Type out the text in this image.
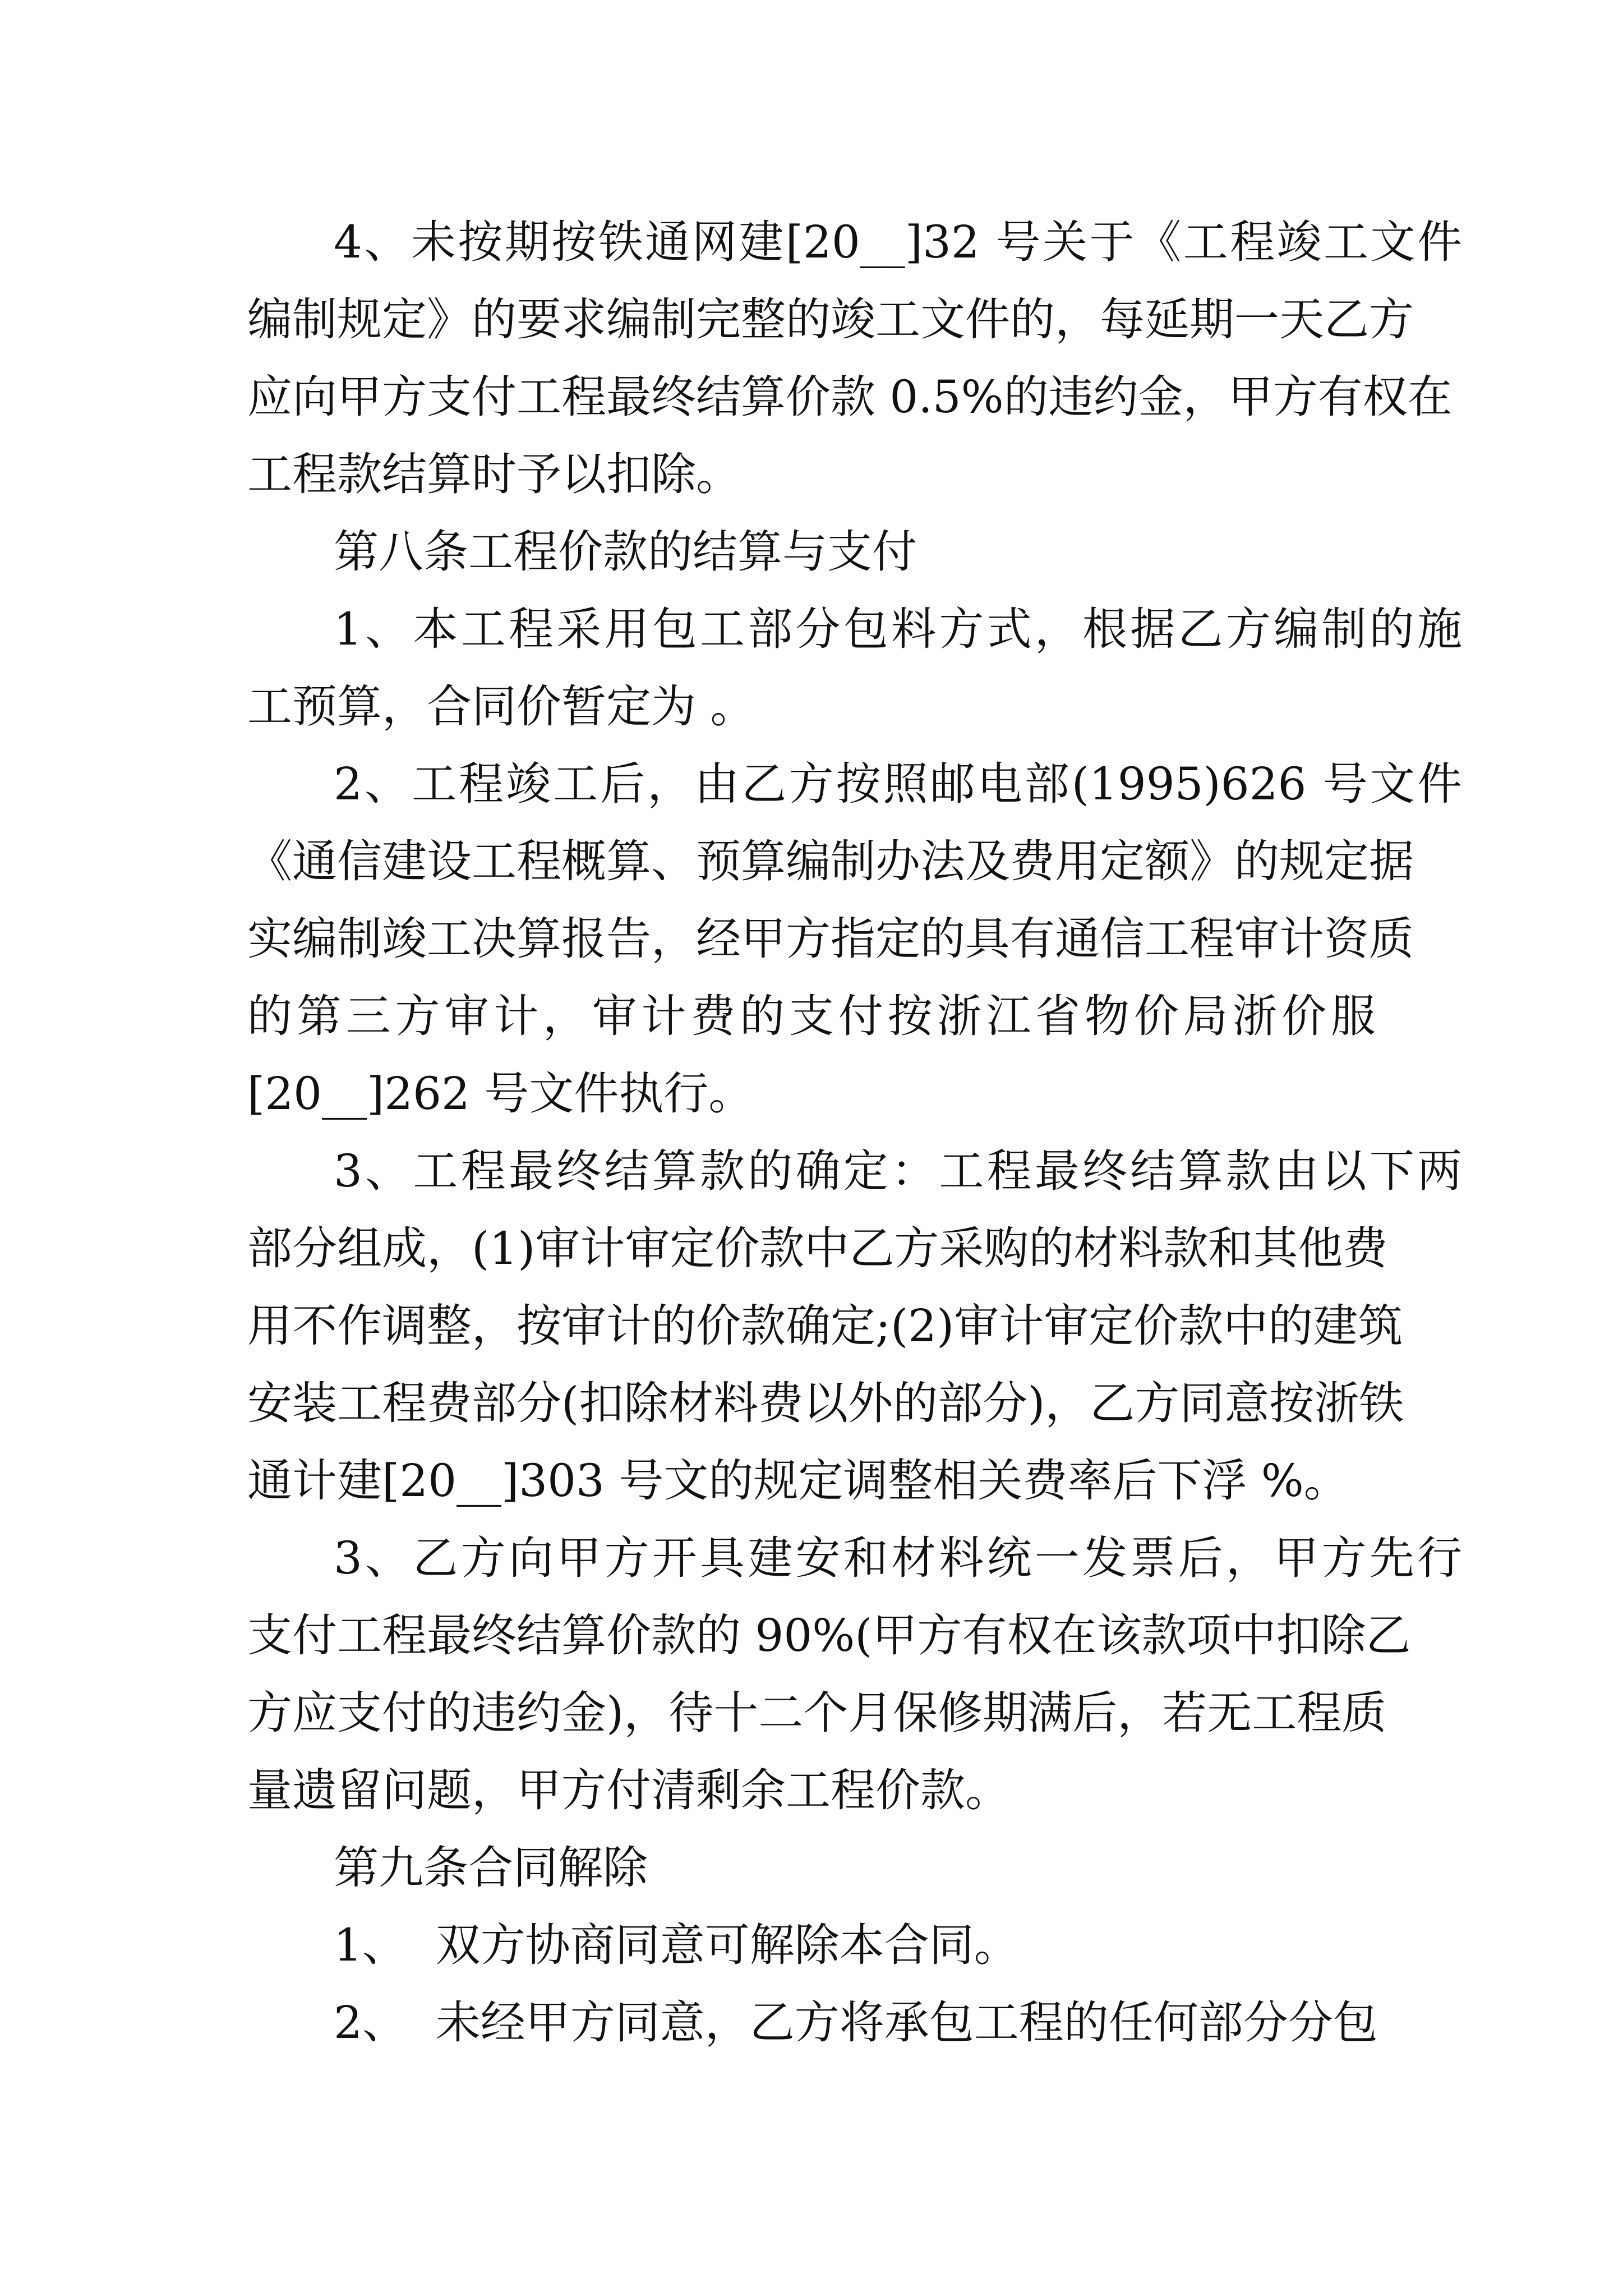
4、未按期按铁通网建[20__]32 号关于《工程竣工文件
编制规定》的要求编制完整的竣工文件的，每延期一天乙方
应向甲方支付工程最终结算价款 0.5%的违约金，甲方有权在
工程款结算时予以扣除。
第八条工程价款的结算与支付
1、本工程采用包工部分包料方式，根据乙方编制的施
工预算，合同价暂定为 。
2、工程竣工后，由乙方按照邮电部(1995)626 号文件
《通信建设工程概算、预算编制办法及费用定额》的规定据
实编制竣工决算报告，经甲方指定的具有通信工程审计资质
的第三方审计，审计费的支付按浙江省物价局浙价服
[20__]262 号文件执行。
3、工程最终结算款的确定：工程最终结算款由以下两
部分组成，(1)审计审定价款中乙方采购的材料款和其他费
用不作调整，按审计的价款确定;(2)审计审定价款中的建筑
安装工程费部分(扣除材料费以外的部分)，乙方同意按浙铁
通计建[20__]303 号文的规定调整相关费率后下浮 %。
3、乙方向甲方开具建安和材料统一发票后，甲方先行
支付工程最终结算价款的 90%(甲方有权在该款项中扣除乙
方应支付的违约金)，待十二个月保修期满后，若无工程质
量遗留问题，甲方付清剩余工程价款。
第九条合同解除
1、  双方协商同意可解除本合同。
2、  未经甲方同意，乙方将承包工程的任何部分分包
